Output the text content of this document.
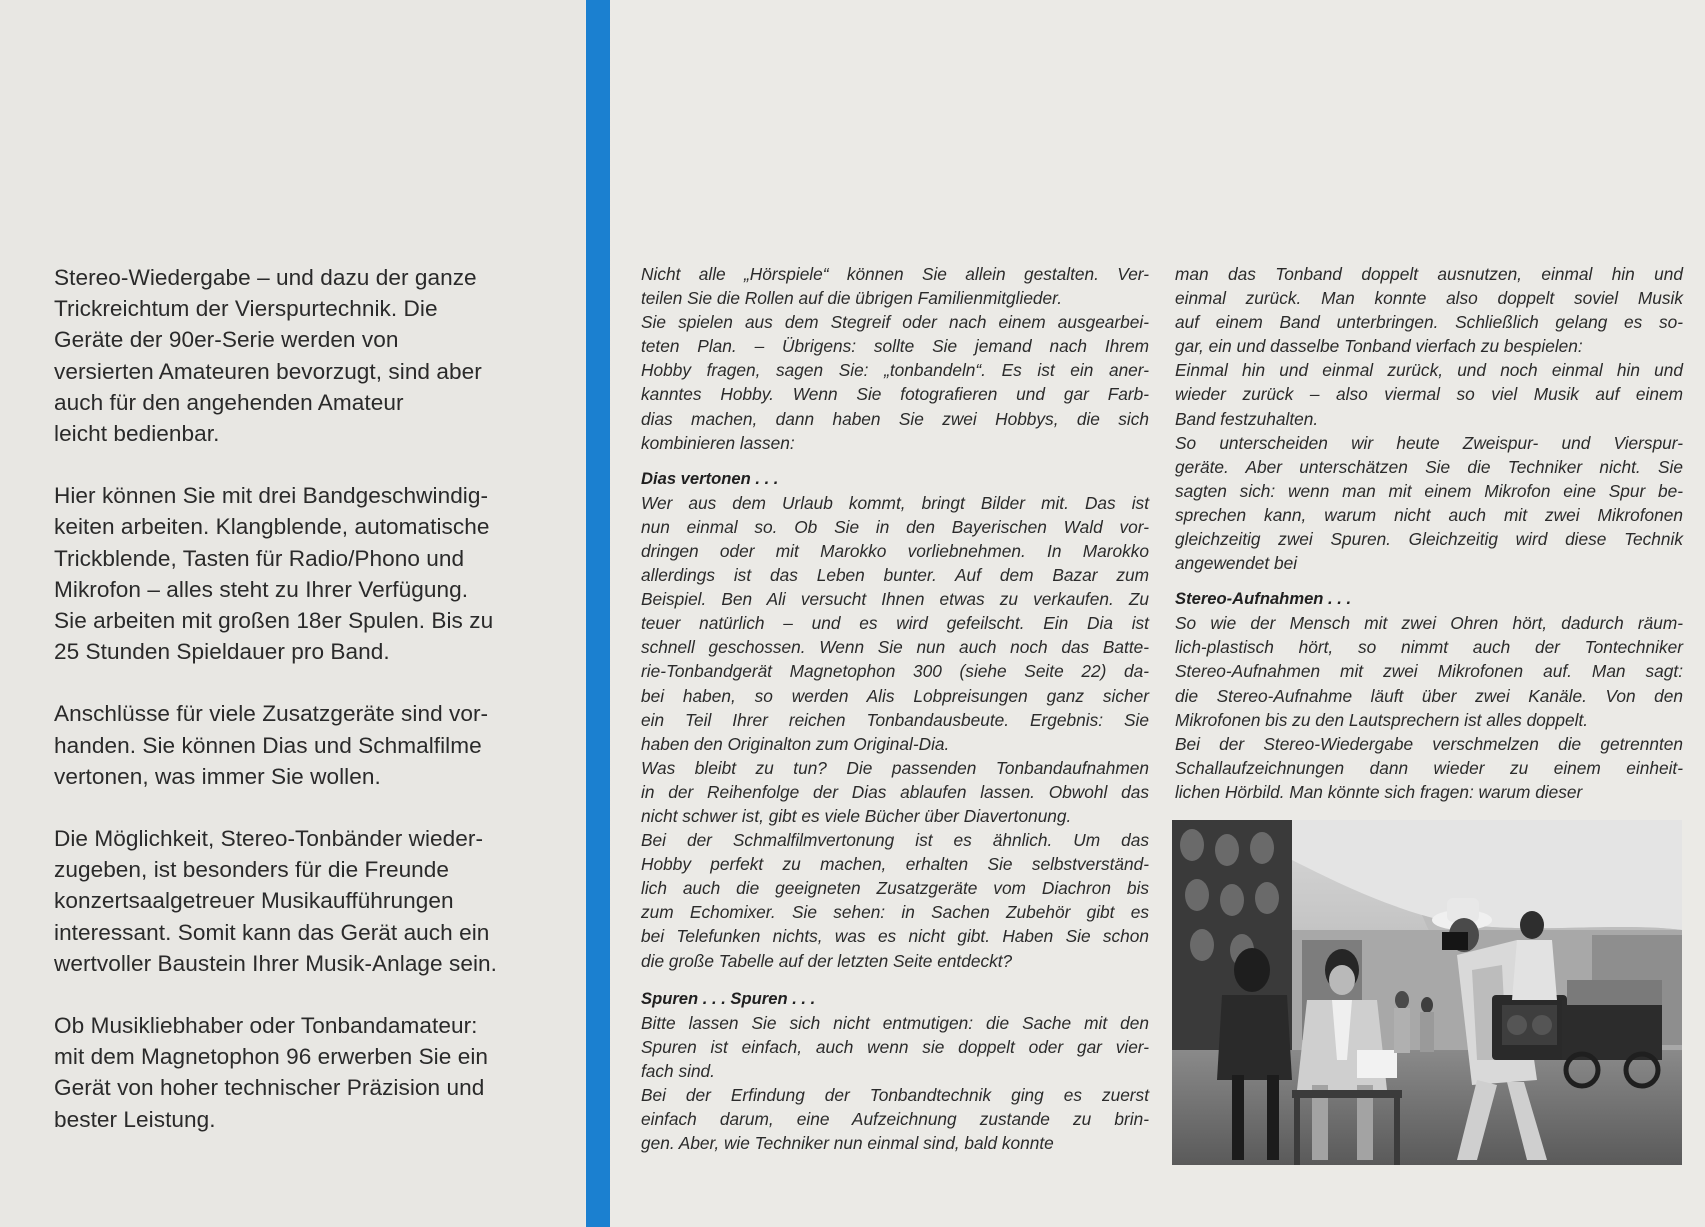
Stereo-Wiedergabe – und dazu der ganze
Trickreichtum der Vierspurtechnik. Die
Geräte der 90er-Serie werden von
versierten Amateuren bevorzugt, sind aber
auch für den angehenden Amateur
leicht bedienbar.
Hier können Sie mit drei Bandgeschwindig-
keiten arbeiten. Klangblende, automatische
Trickblende, Tasten für Radio/Phono und
Mikrofon – alles steht zu Ihrer Verfügung.
Sie arbeiten mit großen 18er Spulen. Bis zu
25 Stunden Spieldauer pro Band.
Anschlüsse für viele Zusatzgeräte sind vor-
handen. Sie können Dias und Schmalfilme
vertonen, was immer Sie wollen.
Die Möglichkeit, Stereo-Tonbänder wieder-
zugeben, ist besonders für die Freunde
konzertsaalgetreuer Musikaufführungen
interessant. Somit kann das Gerät auch ein
wertvoller Baustein Ihrer Musik-Anlage sein.
Ob Musikliebhaber oder Tonbandamateur:
mit dem Magnetophon 96 erwerben Sie ein
Gerät von hoher technischer Präzision und
bester Leistung.
Nicht alle „Hörspiele“ können Sie allein gestalten. Ver-
teilen Sie die Rollen auf die übrigen Familienmitglieder.
Sie spielen aus dem Stegreif oder nach einem ausgearbei-
teten Plan. – Übrigens: sollte Sie jemand nach Ihrem
Hobby fragen, sagen Sie: „tonbandeln“. Es ist ein aner-
kanntes Hobby. Wenn Sie fotografieren und gar Farb-
dias machen, dann haben Sie zwei Hobbys, die sich
kombinieren lassen:
Dias vertonen . . .
Wer aus dem Urlaub kommt, bringt Bilder mit. Das ist
nun einmal so. Ob Sie in den Bayerischen Wald vor-
dringen oder mit Marokko vorliebnehmen. In Marokko
allerdings ist das Leben bunter. Auf dem Bazar zum
Beispiel. Ben Ali versucht Ihnen etwas zu verkaufen. Zu
teuer natürlich – und es wird gefeilscht. Ein Dia ist
schnell geschossen. Wenn Sie nun auch noch das Batte-
rie-Tonbandgerät Magnetophon 300 (siehe Seite 22) da-
bei haben, so werden Alis Lobpreisungen ganz sicher
ein Teil Ihrer reichen Tonbandausbeute. Ergebnis: Sie
haben den Originalton zum Original-Dia.
Was bleibt zu tun? Die passenden Tonbandaufnahmen
in der Reihenfolge der Dias ablaufen lassen. Obwohl das
nicht schwer ist, gibt es viele Bücher über Diavertonung.
Bei der Schmalfilmvertonung ist es ähnlich. Um das
Hobby perfekt zu machen, erhalten Sie selbstverständ-
lich auch die geeigneten Zusatzgeräte vom Diachron bis
zum Echomixer. Sie sehen: in Sachen Zubehör gibt es
bei Telefunken nichts, was es nicht gibt. Haben Sie schon
die große Tabelle auf der letzten Seite entdeckt?
Spuren . . . Spuren . . .
Bitte lassen Sie sich nicht entmutigen: die Sache mit den
Spuren ist einfach, auch wenn sie doppelt oder gar vier-
fach sind.
Bei der Erfindung der Tonbandtechnik ging es zuerst
einfach darum, eine Aufzeichnung zustande zu brin-
gen. Aber, wie Techniker nun einmal sind, bald konnte
man das Tonband doppelt ausnutzen, einmal hin und
einmal zurück. Man konnte also doppelt soviel Musik
auf einem Band unterbringen. Schließlich gelang es so-
gar, ein und dasselbe Tonband vierfach zu bespielen:
Einmal hin und einmal zurück, und noch einmal hin und
wieder zurück – also viermal so viel Musik auf einem
Band festzuhalten.
So unterscheiden wir heute Zweispur- und Vierspur-
geräte. Aber unterschätzen Sie die Techniker nicht. Sie
sagten sich: wenn man mit einem Mikrofon eine Spur be-
sprechen kann, warum nicht auch mit zwei Mikrofonen
gleichzeitig zwei Spuren. Gleichzeitig wird diese Technik
angewendet bei
Stereo-Aufnahmen . . .
So wie der Mensch mit zwei Ohren hört, dadurch räum-
lich-plastisch hört, so nimmt auch der Tontechniker
Stereo-Aufnahmen mit zwei Mikrofonen auf. Man sagt:
die Stereo-Aufnahme läuft über zwei Kanäle. Von den
Mikrofonen bis zu den Lautsprechern ist alles doppelt.
Bei der Stereo-Wiedergabe verschmelzen die getrennten
Schallaufzeichnungen dann wieder zu einem einheit-
lichen Hörbild. Man könnte sich fragen: warum dieser
